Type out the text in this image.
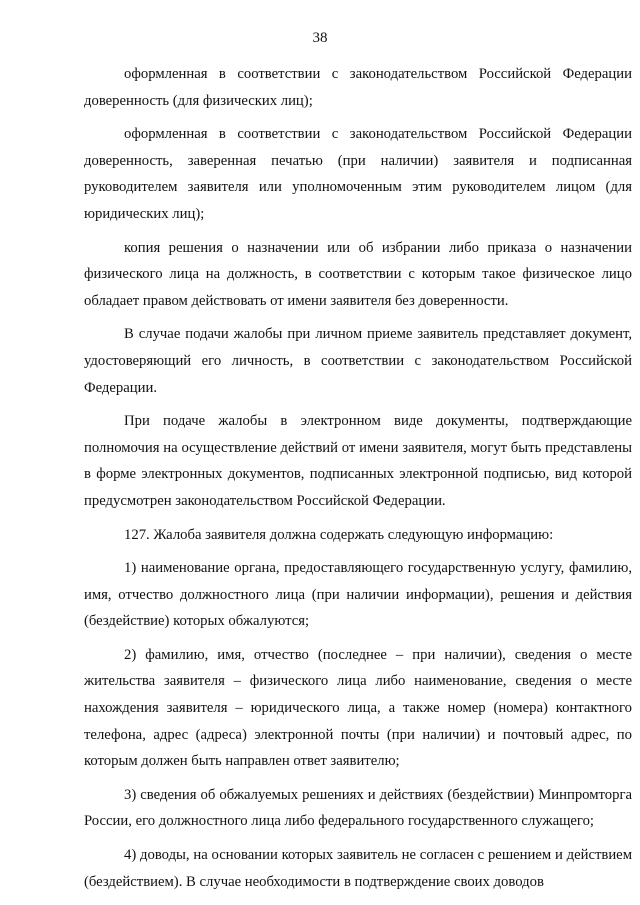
38

оформленная в соответствии с законодательством Российской Федерации доверенность (для физических лиц);

оформленная в соответствии с законодательством Российской Федерации доверенность, заверенная печатью (при наличии) заявителя и подписанная руководителем заявителя или уполномоченным этим руководителем лицом (для юридических лиц);

копия решения о назначении или об избрании либо приказа о назначении физического лица на должность, в соответствии с которым такое физическое лицо обладает правом действовать от имени заявителя без доверенности.

В случае подачи жалобы при личном приеме заявитель представляет документ, удостоверяющий его личность, в соответствии с законодательством Российской Федерации.

При подаче жалобы в электронном виде документы, подтверждающие полномочия на осуществление действий от имени заявителя, могут быть представлены в форме электронных документов, подписанных электронной подписью, вид которой предусмотрен законодательством Российской Федерации.

127. Жалоба заявителя должна содержать следующую информацию:

1) наименование органа, предоставляющего государственную услугу, фамилию, имя, отчество должностного лица (при наличии информации), решения и действия (бездействие) которых обжалуются;

2) фамилию, имя, отчество (последнее – при наличии), сведения о месте жительства заявителя – физического лица либо наименование, сведения о месте нахождения заявителя – юридического лица, а также номер (номера) контактного телефона, адрес (адреса) электронной почты (при наличии) и почтовый адрес, по которым должен быть направлен ответ заявителю;

3) сведения об обжалуемых решениях и действиях (бездействии) Минпромторга России, его должностного лица либо федерального государственного служащего;

4) доводы, на основании которых заявитель не согласен с решением и действием (бездействием). В случае необходимости в подтверждение своих доводов
